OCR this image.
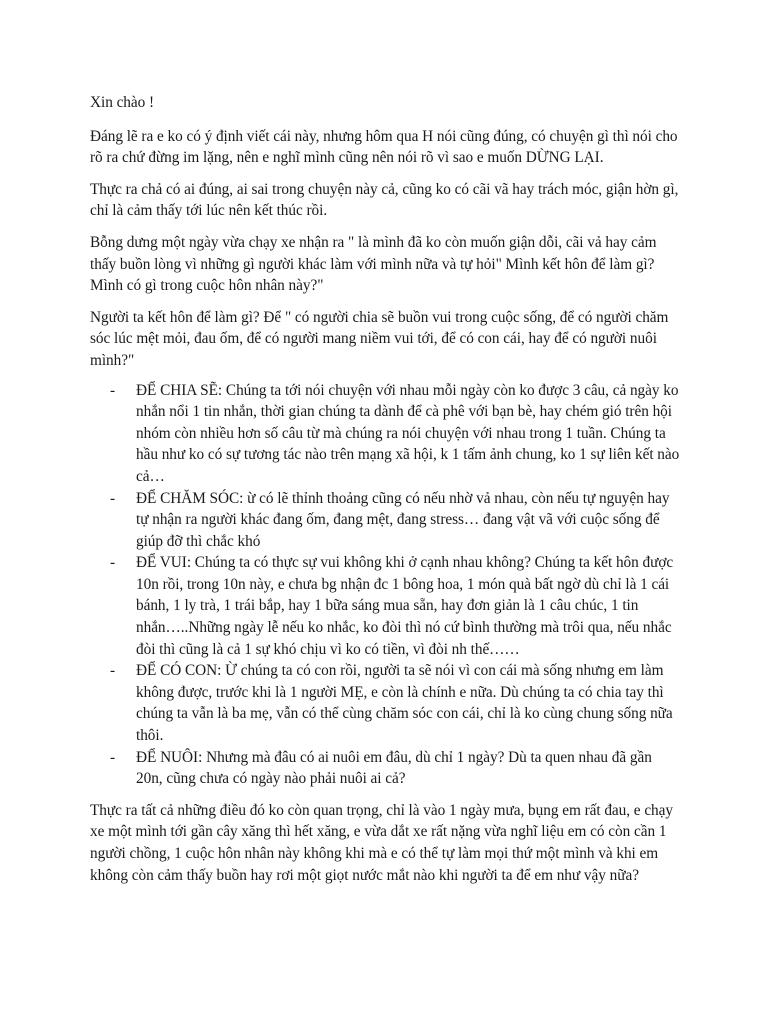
Xin chào !

Đáng lẽ ra e ko có ý định viết cái này, nhưng hôm qua H nói cũng đúng, có chuyện gì thì nói cho rõ ra chứ đừng im lặng, nên e nghĩ mình cũng nên nói rõ vì sao e muốn DỪNG LẠI.

Thực ra chả có ai đúng, ai sai trong chuyện này cả, cũng ko có cãi vã hay trách móc, giận hờn gì, chỉ là cảm thấy tới lúc nên kết thúc rồi.

Bỗng dưng một ngày vừa chạy xe nhận ra " là mình đã ko còn muốn giận dỗi, cãi vả hay cảm thấy buồn lòng vì những gì người khác làm với mình nữa và tự hỏi" Mình kết hôn để làm gì? Mình có gì trong cuộc hôn nhân này?"

Người ta kết hôn để làm gì? Để " có người chia sẽ buồn vui trong cuộc sống, để có người chăm sóc lúc mệt mỏi, đau ốm, để có người mang niềm vui tới, để có con cái, hay để có người nuôi mình?"

- ĐỂ CHIA SẼ: Chúng ta tới nói chuyện với nhau mỗi ngày còn ko được 3 câu, cả ngày ko nhắn nổi 1 tin nhắn, thời gian chúng ta dành để cà phê với bạn bè, hay chém gió trên hội nhóm còn nhiều hơn số câu từ mà chúng ra nói chuyện với nhau trong 1 tuần. Chúng ta hầu như ko có sự tương tác nào trên mạng xã hội, k 1 tấm ảnh chung, ko 1 sự liên kết nào cả…
- ĐỂ CHĂM SÓC: ừ có lẽ thỉnh thoảng cũng có nếu nhờ vả nhau, còn nếu tự nguyện hay tự nhận ra người khác đang ốm, đang mệt, đang stress… đang vật vã với cuộc sống để giúp đỡ thì chắc khó
- ĐỂ VUI: Chúng ta có thực sự vui không khi ở cạnh nhau không? Chúng ta kết hôn được 10n rồi, trong 10n này, e chưa bg nhận đc 1 bông hoa, 1 món quà bất ngờ dù chỉ là 1 cái bánh, 1 ly trà, 1 trái bắp, hay 1 bữa sáng mua sẵn, hay đơn giản là 1 câu chúc, 1 tin nhắn…..Những ngày lễ nếu ko nhắc, ko đòi thì nó cứ bình thường mà trôi qua, nếu nhắc đòi thì cũng là cả 1 sự khó chịu vì ko có tiền, vì đòi nh thế……
- ĐỂ CÓ CON: Ừ chúng ta có con rồi, người ta sẽ nói vì con cái mà sống nhưng em làm không được, trước khi là 1 người MẸ, e còn là chính e nữa. Dù chúng ta có chia tay thì chúng ta vẫn là ba mẹ, vẫn có thể cùng chăm sóc con cái, chỉ là ko cùng chung sống nữa thôi.
- ĐỂ NUÔI: Nhưng mà đâu có ai nuôi em đâu, dù chỉ 1 ngày? Dù ta quen nhau đã gần 20n, cũng chưa có ngày nào phải nuôi ai cả?

Thực ra tất cả những điều đó ko còn quan trọng, chỉ là vào 1 ngày mưa, bụng em rất đau, e chạy xe một mình tới gần cây xăng thì hết xăng, e vừa dắt xe rất nặng vừa nghĩ liệu em có còn cần 1 người chồng, 1 cuộc hôn nhân này không khi mà e có thể tự làm mọi thứ một mình và khi em không còn cảm thấy buồn hay rơi một giọt nước mắt nào khi người ta để em như vậy nữa?
